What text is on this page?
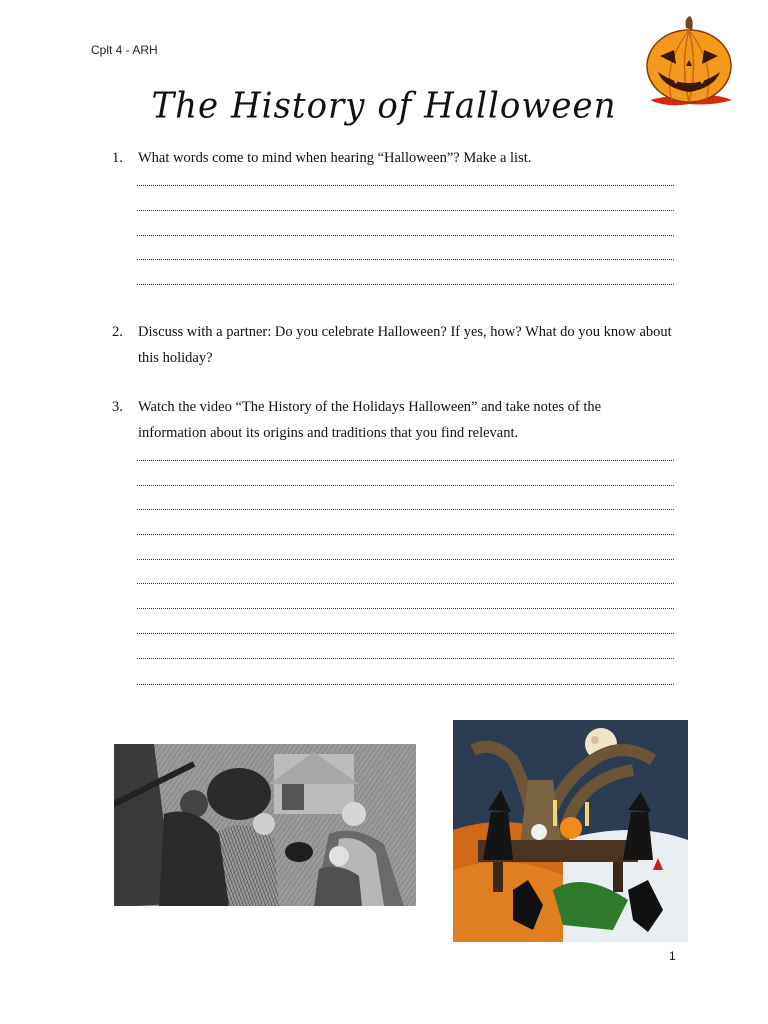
Cplt 4 - ARH
The History of Halloween
1. What words come to mind when hearing “Halloween”? Make a list.
2. Discuss with a partner: Do you celebrate Halloween? If yes, how? What do you know about this holiday?
3. Watch the video “The History of the Holidays Halloween” and take notes of the information about its origins and traditions that you find relevant.
1
